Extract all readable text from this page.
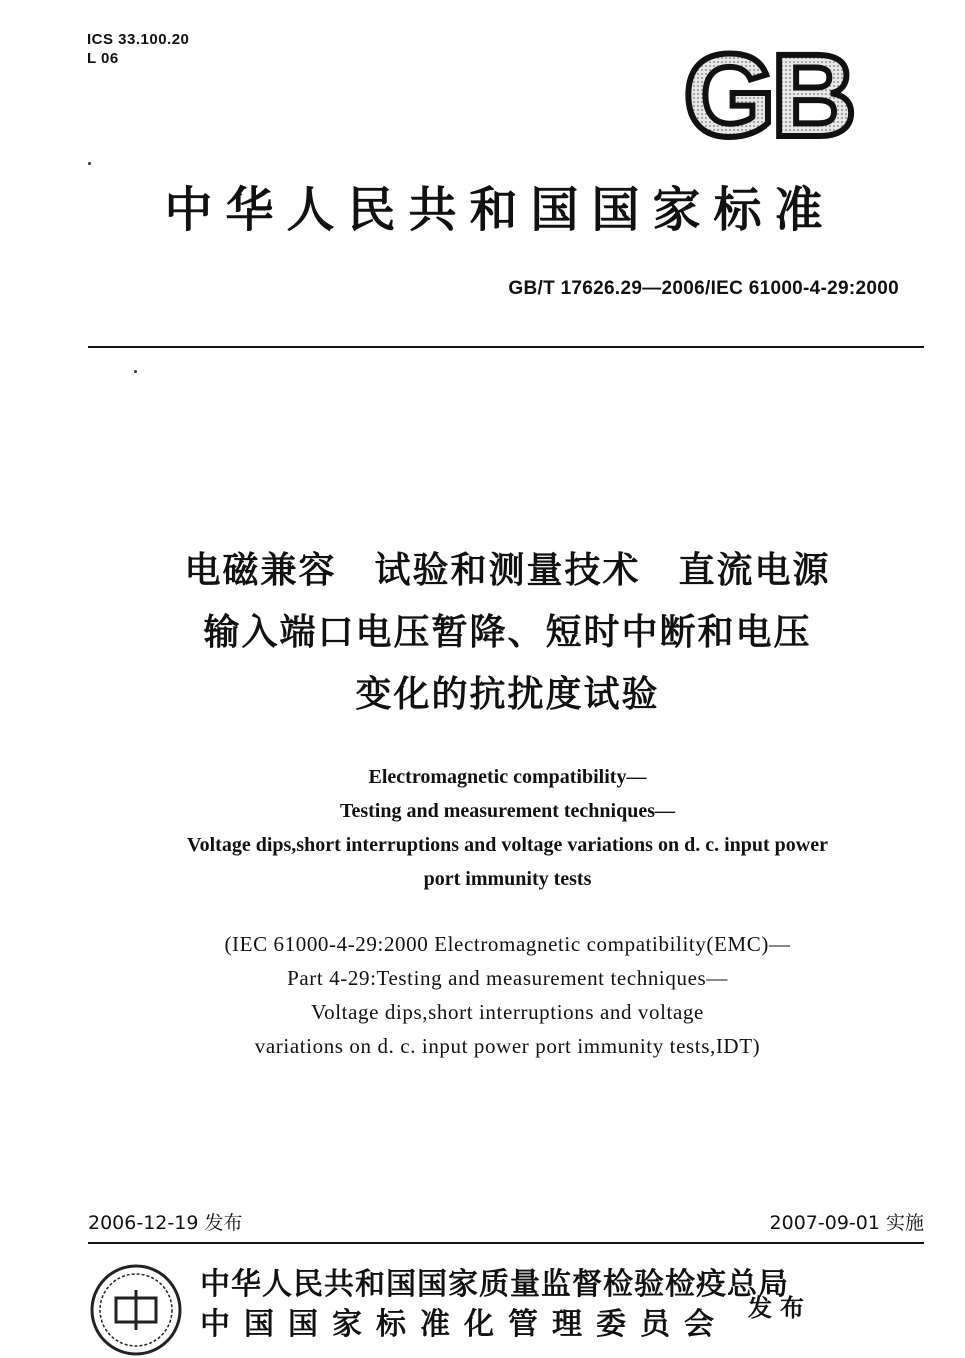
ICS 33.100.20
L 06	GB
中华人民共和国国家标准
GB/T 17626.29—2006/IEC 61000-4-29:2000
电磁兼容　试验和测量技术　直流电源
输入端口电压暂降、短时中断和电压
变化的抗扰度试验
Electromagnetic compatibility—
Testing and measurement techniques—
Voltage dips,short interruptions and voltage variations on d. c. input power
port immunity tests
(IEC 61000-4-29:2000 Electromagnetic compatibility(EMC)—
Part 4-29:Testing and measurement techniques—
Voltage dips,short interruptions and voltage
variations on d. c. input power port immunity tests,IDT)
2006-12-19 发布	2007-09-01 实施
中华人民共和国国家质量监督检验检疫总局
中国国家标准化管理委员会 发布
